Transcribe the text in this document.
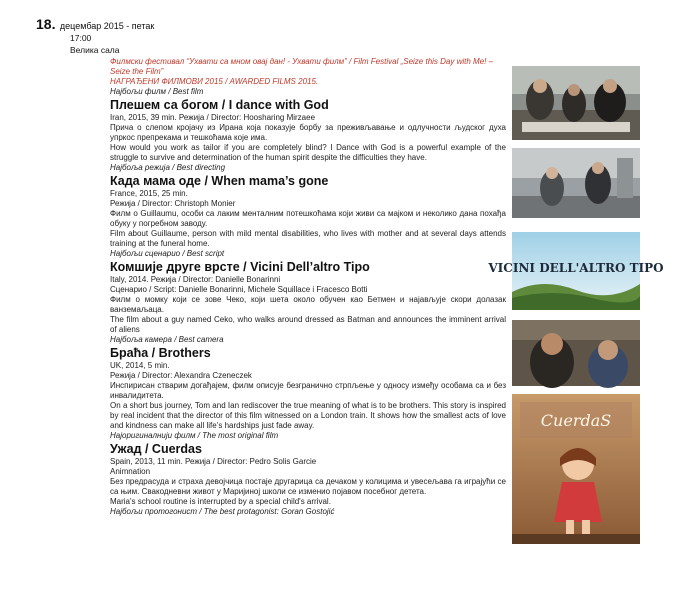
18. децембар 2015 - петак
17:00
Велика сала
Филмски фестивал “Ухвати са мном овај дан! - Ухвати филм” / Film Festival „Seize this Day with Me! – Seize the Film”
НАГРАЂЕНИ ФИЛМОВИ 2015 / AWARDED FILMS 2015.
Најбољи филм / Best film
Плешем са богом / I dance with God
Iran, 2015, 39 min. Режија / Director: Hoosharing Mirzaee
Прича о слепом кројачу из Ирана која показује борбу за преживљавање и одлучности људског духа упркос препрекама и тешкоћама које има.
How would you work as tailor if you are completely blind? I Dance with God is a powerful example of the struggle to survive and determination of the human spirit despite the difficulties they have.
Најбоља режија / Best directing
Када мама оде / When mama’s gone
France, 2015, 25 min.
Режија / Director: Christoph Monier
Филм о Guillaumu, особи са лаким менталним потешкоћама који живи са мајком и неколико дана похађа обуку у погребном заводу.
Film about Guillaume, person with mild mental disabilities, who lives with mother and at several days attends training at the funeral home.
Најбољи сценарио / Best script
Комшије друге врсте / Vicini Dell’altro Tipo
Italy, 2014. Режија / Director: Danielle Bonarinni
Сценарио / Script: Danielle Bonarinni, Michele Squillace i Fracesco Botti
Филм о момку који се зове Чеко, који шета около обучен као Бетмен и најављује скори долазак ванземаљаца.
The film about a guy named Ceko, who walks around dressed as Batman and announces the imminent arrival of aliens
Најбоља камера / Best camera
Браћа / Brothers
UK, 2014, 5 min.
Режија / Director: Alexandra Czeneczek
Инспирисан стварим догађајем, филм описује безгранично стрпљење у односу између особама са и без инвалидитета.
On a short bus journey, Tom and Ian rediscover the true meaning of what is to be brothers. This story is inspired by real incident that the director of this film witnessed on a London train. It shows how the smallest acts of love and kindness can make all life’s hardships just fade away.
Најоригиналнији филм / The most original film
Ужад / Cuerdas
Spain, 2013, 11 min. Режија / Director: Pedro Solis Garcie
Animnation
Без предрасуда и страха девојчица постаје другарица са дечаком у колицима и увесељава га играјући се са њим. Свакодневни живот у Маријиној школи се изменио појавом посебног детета.
Maria's school routine is interrupted by a special child's arrival.
Најбољи протогонист / The best protagonist: Goran Gostojić
VICINI DELL'ALTRO TIPO
CuerdaS
